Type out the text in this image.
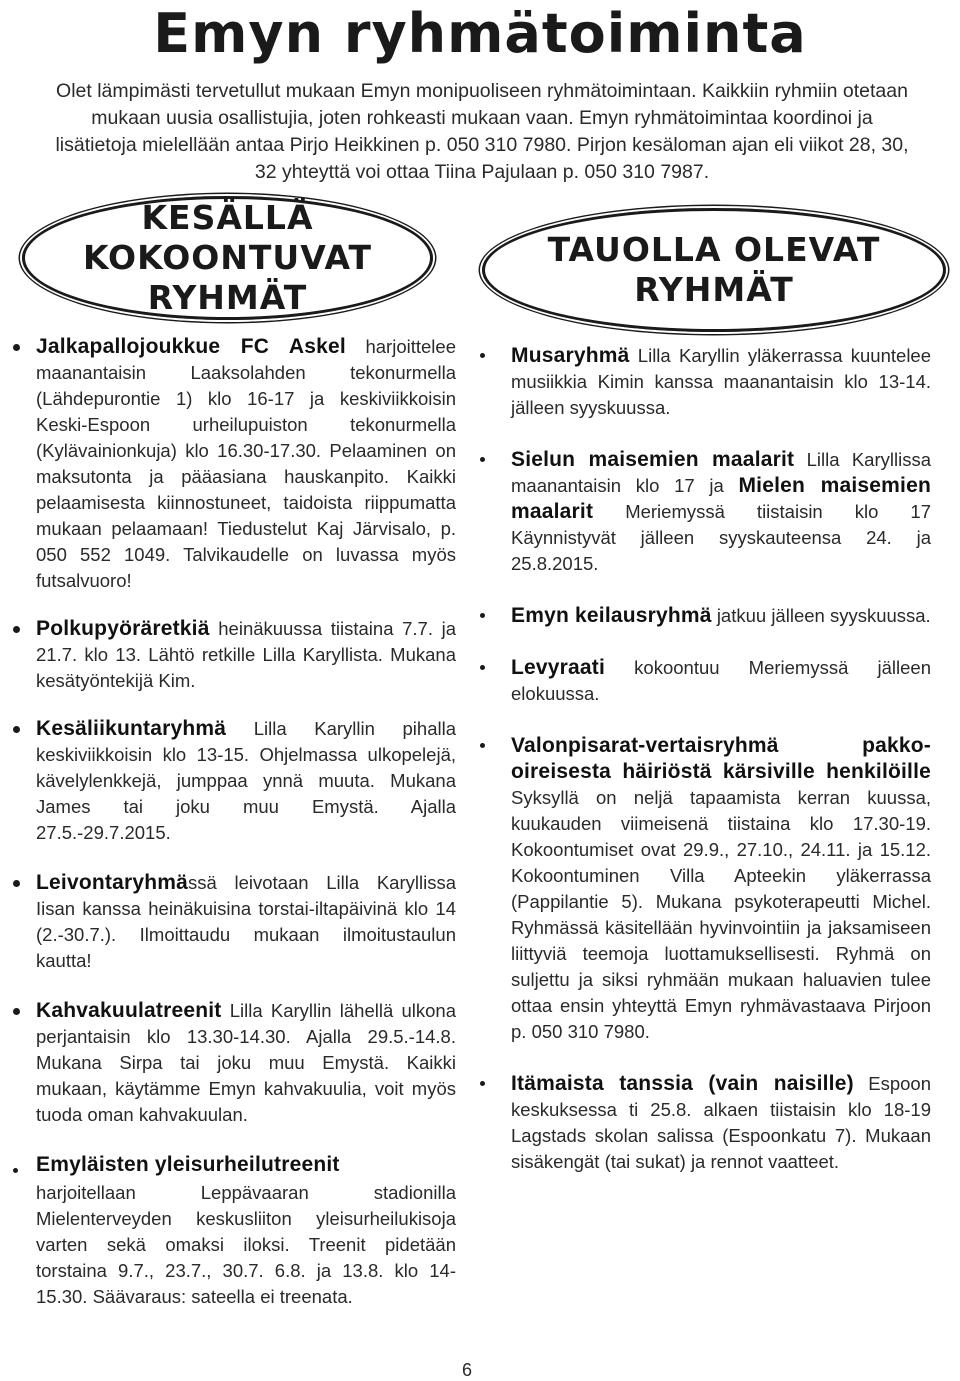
Emyn ryhmätoiminta

Olet lämpimästi tervetullut mukaan Emyn monipuoliseen ryhmätoimintaan. Kaikkiin ryhmiin otetaan mukaan uusia osallistujia, joten rohkeasti mukaan vaan. Emyn ryhmätoimintaa koordinoi ja lisätietoja mielellään antaa Pirjo Heikkinen p. 050 310 7980. Pirjon kesäloman ajan eli viikot 28, 30, 32 yhteyttä voi ottaa Tiina Pajulaan p. 050 310 7987.

KESÄLLÄ
KOKOONTUVAT RYHMÄT
TAUOLLA OLEVAT
RYHMÄT

Jalkapallojoukkue FC Askel harjoittelee maanantaisin Laaksolahden tekonurmella (Lähdepurontie 1) klo 16-17 ja keskiviikkoisin Keski-Espoon urheilupuiston tekonurmella (Kylävainionkuja) klo 16.30-17.30. Pelaaminen on maksutonta ja pääasiana hauskanpito. Kaikki pelaamisesta kiinnostuneet, taidoista riippumatta mukaan pelaamaan! Tiedustelut Kaj Järvisalo, p. 050 552 1049. Talvikaudelle on luvassa myös futsalvuoro!

Polkupyöräretkiä heinäkuussa tiistaina 7.7. ja 21.7. klo 13. Lähtö retkille Lilla Karyllista. Mukana kesätyöntekijä Kim.

Kesäliikuntaryhmä Lilla Karyllin pihalla keskiviikkoisin klo 13-15. Ohjelmassa ulkopelejä, kävelylenkkejä, jumppaa ynnä muuta. Mukana James tai joku muu Emystä. Ajalla 27.5.-29.7.2015.

Leivontaryhmässä leivotaan Lilla Karyllissa Iisan kanssa heinäkuisina torstai-iltapäivinä klo 14 (2.-30.7.). Ilmoittaudu mukaan ilmoitustaulun kautta!

Kahvakuulatreenit Lilla Karyllin lähellä ulkona perjantaisin klo 13.30-14.30. Ajalla 29.5.-14.8. Mukana Sirpa tai joku muu Emystä. Kaikki mukaan, käytämme Emyn kahvakuulia, voit myös tuoda oman kahvakuulan.

Emyläisten yleisurheilutreenit
harjoitellaan Leppävaaran stadionilla Mielenterveyden keskusliiton yleisurheilukisoja varten sekä omaksi iloksi. Treenit pidetään torstaina 9.7., 23.7., 30.7. 6.8. ja 13.8. klo 14-15.30. Säävaraus: sateella ei treenata.

Musaryhmä Lilla Karyllin yläkerrassa kuuntelee musiikkia Kimin kanssa maanantaisin klo 13-14. jälleen syyskuussa.

Sielun maisemien maalarit Lilla Karyllissa maanantaisin klo 17 ja Mielen maisemien maalarit Meriemyssä tiistaisin klo 17 Käynnistyvät jälleen syyskauteensa 24. ja 25.8.2015.

Emyn keilausryhmä jatkuu jälleen syyskuussa.

Levyraati kokoontuu Meriemyssä jälleen elokuussa.

Valonpisarat-vertaisryhmä pakko-oireisesta häiriöstä kärsiville henkilöille Syksyllä on neljä tapaamista kerran kuussa, kuukauden viimeisenä tiistaina klo 17.30-19. Kokoontumiset ovat 29.9., 27.10., 24.11. ja 15.12. Kokoontuminen Villa Apteekin yläkerrassa (Pappilantie 5). Mukana psykoterapeutti Michel. Ryhmässä käsitellään hyvinvointiin ja jaksamiseen liittyviä teemoja luottamuksellisesti. Ryhmä on suljettu ja siksi ryhmään mukaan haluavien tulee ottaa ensin yhteyttä Emyn ryhmävastaava Pirjoon p. 050 310 7980.

Itämaista tanssia (vain naisille) Espoon keskuksessa ti 25.8. alkaen tiistaisin klo 18-19 Lagstads skolan salissa (Espoonkatu 7). Mukaan sisäkengät (tai sukat) ja rennot vaatteet.

6
